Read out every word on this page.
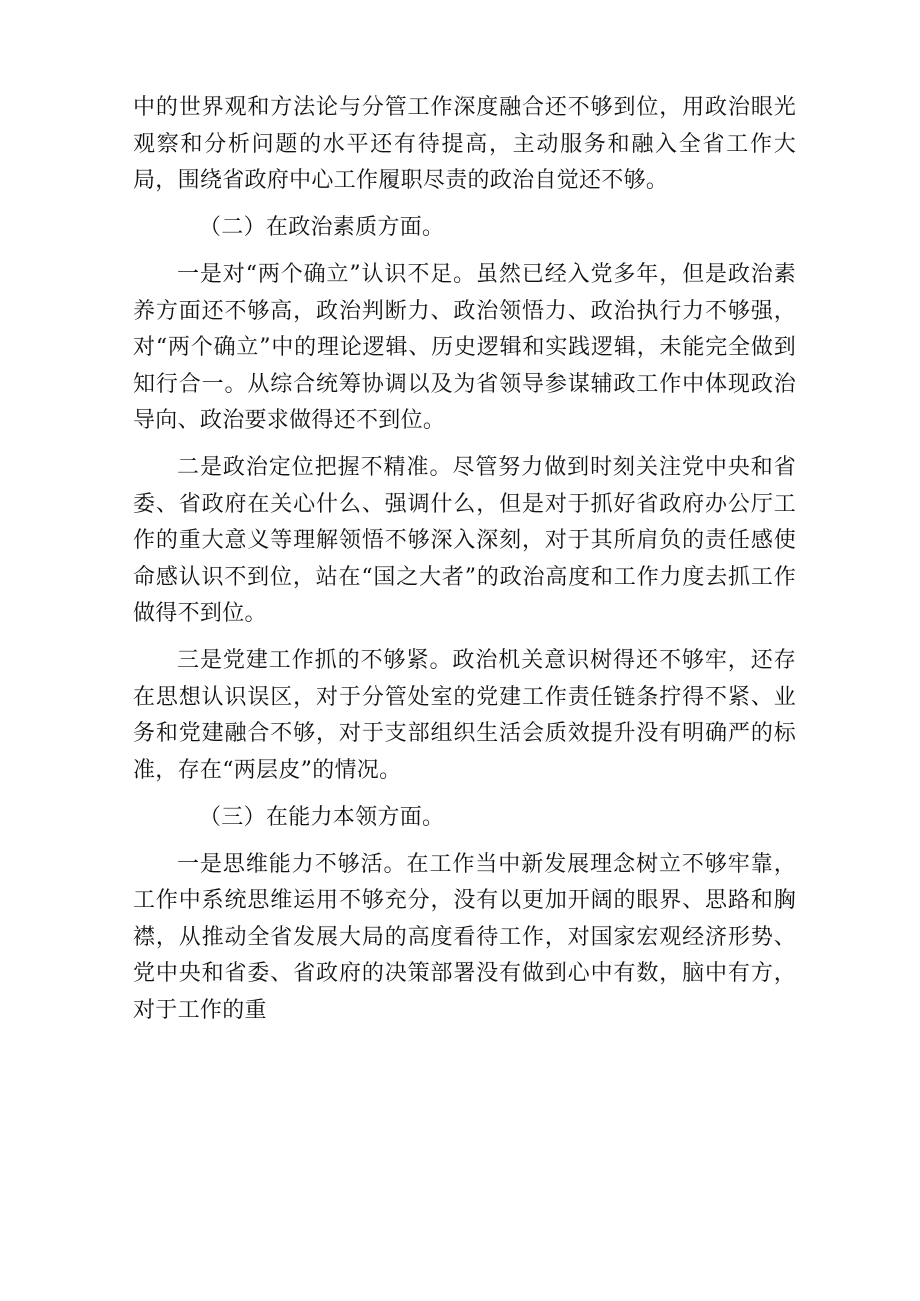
中的世界观和方法论与分管工作深度融合还不够到位，用政治眼光观察和分析问题的水平还有待提高，主动服务和融入全省工作大局，围绕省政府中心工作履职尽责的政治自觉还不够。

（二）在政治素质方面。

一是对“两个确立”认识不足。虽然已经入党多年，但是政治素养方面还不够高，政治判断力、政治领悟力、政治执行力不够强，对“两个确立”中的理论逻辑、历史逻辑和实践逻辑，未能完全做到知行合一。从综合统筹协调以及为省领导参谋辅政工作中体现政治导向、政治要求做得还不到位。

二是政治定位把握不精准。尽管努力做到时刻关注党中央和省委、省政府在关心什么、强调什么，但是对于抓好省政府办公厅工作的重大意义等理解领悟不够深入深刻，对于其所肩负的责任感使命感认识不到位，站在“国之大者”的政治高度和工作力度去抓工作做得不到位。

三是党建工作抓的不够紧。政治机关意识树得还不够牢，还存在思想认识误区，对于分管处室的党建工作责任链条拧得不紧、业务和党建融合不够，对于支部组织生活会质效提升没有明确严的标准，存在“两层皮”的情况。

（三）在能力本领方面。

一是思维能力不够活。在工作当中新发展理念树立不够牢靠，工作中系统思维运用不够充分，没有以更加开阔的眼界、思路和胸襟，从推动全省发展大局的高度看待工作，对国家宏观经济形势、党中央和省委、省政府的决策部署没有做到心中有数，脑中有方，对于工作的重
